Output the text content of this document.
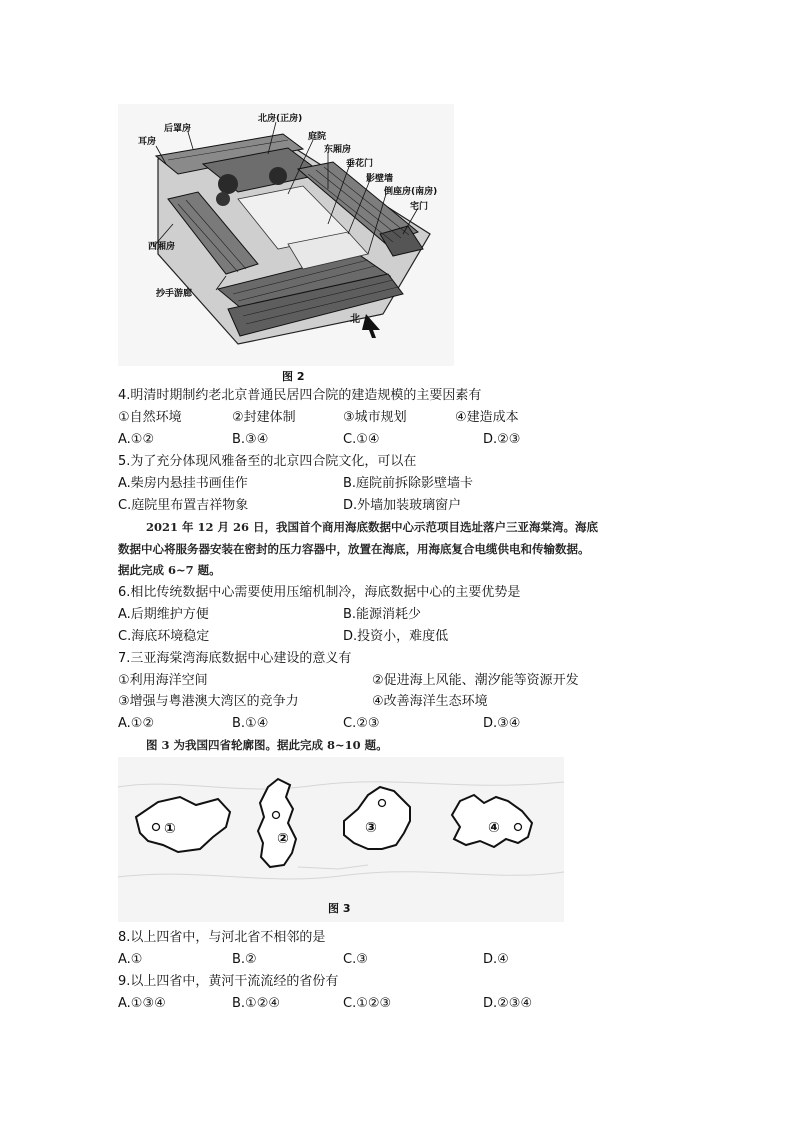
后罩房
北房(正房)
耳房	庭院
东厢房
垂花门
影壁墙
倒座房(南房)
宅门
西厢房
抄手游廊
北
图 2
4.明清时期制约老北京普通民居四合院的建造规模的主要因素有
①自然环境	②封建体制	③城市规划	④建造成本
A.①②	B.③④	C.①④	D.②③
5.为了充分体现风雅备至的北京四合院文化，可以在
A.柴房内悬挂书画佳作	B.庭院前拆除影壁墙卡
C.庭院里布置吉祥物象	D.外墙加装玻璃窗户
2021 年 12 月 26 日，我国首个商用海底数据中心示范项目选址落户三亚海棠湾。海底
数据中心将服务器安装在密封的压力容器中，放置在海底，用海底复合电缆供电和传输数据。
据此完成 6~7 题。
6.相比传统数据中心需要使用压缩机制冷，海底数据中心的主要优势是
A.后期维护方便	B.能源消耗少
C.海底环境稳定	D.投资小，难度低
7.三亚海棠湾海底数据中心建设的意义有
①利用海洋空间	②促进海上风能、潮汐能等资源开发
③增强与粤港澳大湾区的竞争力	④改善海洋生态环境
A.①②	B.①④	C.②③	D.③④
图 3 为我国四省轮廓图。据此完成 8~10 题。
①
②
③	④
图 3
8.以上四省中，与河北省不相邻的是
A.①	B.②	C.③	D.④
9.以上四省中，黄河干流流经的省份有
A.①③④	B.①②④	C.①②③	D.②③④
